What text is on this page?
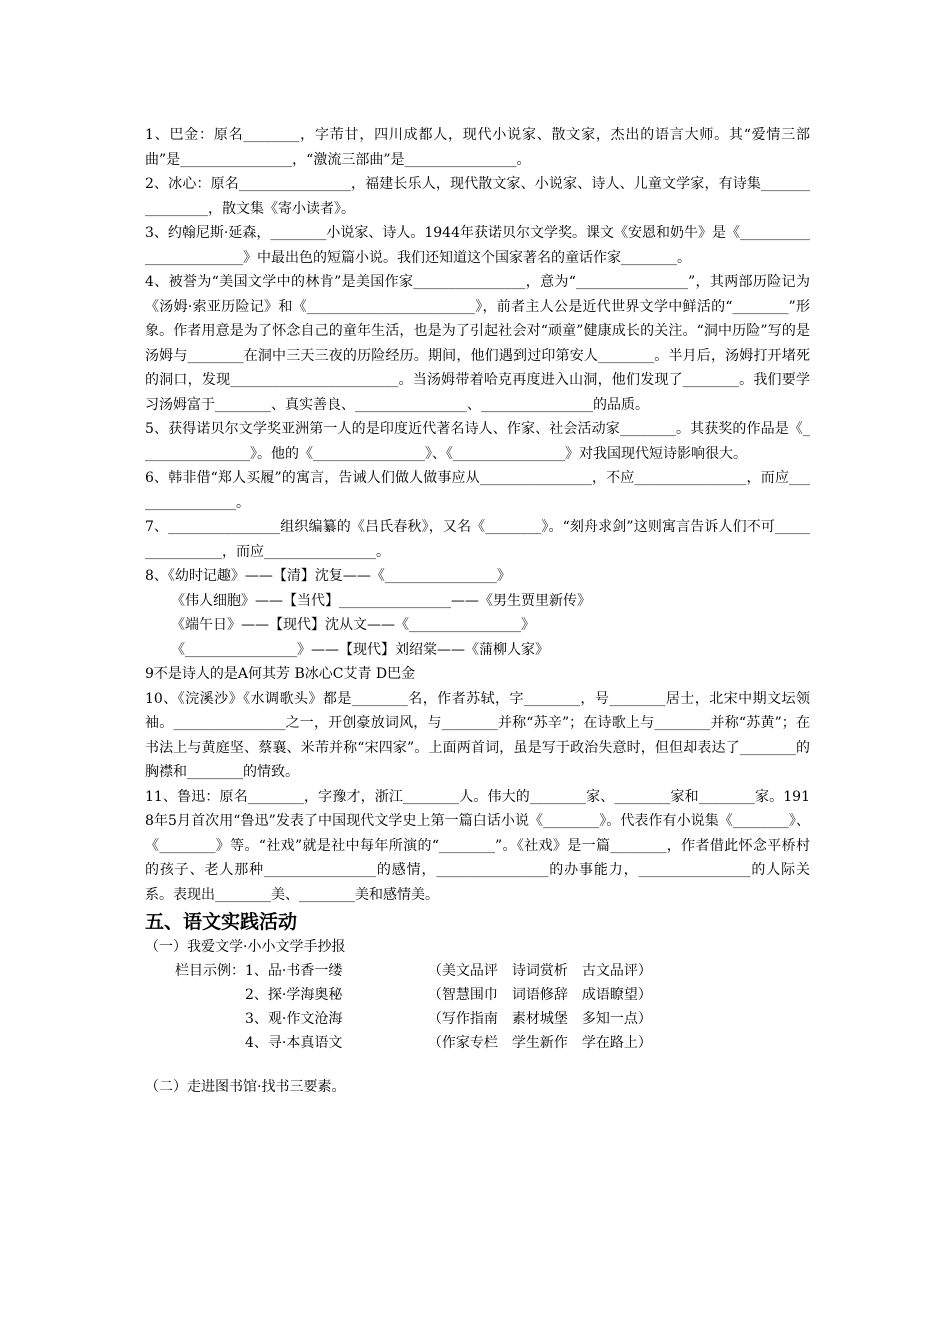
1、巴金：原名________，字芾甘，四川成都人，现代小说家、散文家，杰出的语言大师。其“爱情三部曲”是________________，“激流三部曲”是________________。

2、冰心：原名________________，福建长乐人，现代散文家、小说家、诗人、儿童文学家，有诗集________________，散文集《寄小读者》。

3、约翰尼斯·延森，________小说家、诗人。1944年获诺贝尔文学奖。课文《安恩和奶牛》是《________________________》中最出色的短篇小说。我们还知道这个国家著名的童话作家________。

4、被誉为“美国文学中的林肯”是美国作家________________，意为“________________”，其两部历险记为《汤姆·索亚历险记》和《________________________》，前者主人公是近代世界文学中鲜活的“________”形象。作者用意是为了怀念自己的童年生活，也是为了引起社会对“顽童”健康成长的关注。“洞中历险”写的是汤姆与________在洞中三天三夜的历险经历。期间，他们遇到过印第安人________。半月后，汤姆打开堵死的洞口，发现________________________。当汤姆带着哈克再度进入山洞，他们发现了________。我们要学习汤姆富于________、真实善良、________________、________________的品质。

5、获得诺贝尔文学奖亚洲第一人的是印度近代著名诗人、作家、社会活动家________。其获奖的作品是《________________》。他的《________________》、《________________》对我国现代短诗影响很大。

6、韩非借“郑人买履”的寓言，告诫人们做人做事应从________________，不应________________，而应________________。

7、________________组织编纂的《吕氏春秋》，又名《________》。“刻舟求剑”这则寓言告诉人们不可________________，而应________________。

8、《幼时记趣》——【清】沈复——《________________》

《伟人细胞》——【当代】________________——《男生贾里新传》

《端午日》——【现代】沈从文——《________________》

《________________》——【现代】刘绍棠——《蒲柳人家》

9不是诗人的是A何其芳 B冰心C艾青 D巴金

10、《浣溪沙》《水调歌头》都是________名，作者苏轼，字________，号________居士，北宋中期文坛领袖。________________之一，开创豪放词风，与________并称“苏辛”；在诗歌上与________并称“苏黄”；在书法上与黄庭坚、蔡襄、米芾并称“宋四家”。上面两首词，虽是写于政治失意时，但但却表达了________的胸襟和________的情致。

11、鲁迅：原名________，字豫才，浙江________人。伟大的________家、________家和________家。1918年5月首次用“鲁迅”发表了中国现代文学史上第一篇白话小说《________》。代表作有小说集《________》、《________》等。“社戏”就是社中每年所演的“________”。《社戏》是一篇________，作者借此怀念平桥村的孩子、老人那种________________的感情，________________的办事能力，________________的人际关系。表现出________美、________美和感情美。

五、语文实践活动

（一）我爱文学·小小文学手抄报

栏目示例：1、	品·书香一缕	（美文品评　诗词赏析　古文品评）
2、	探·学海奥秘	（智慧围巾　词语修辞　成语瞭望）
3、	观·作文沧海	（写作指南　素材城堡　多知一点）
4、	寻·本真语文	（作家专栏　学生新作　学在路上）

（二）走进图书馆·找书三要素。
